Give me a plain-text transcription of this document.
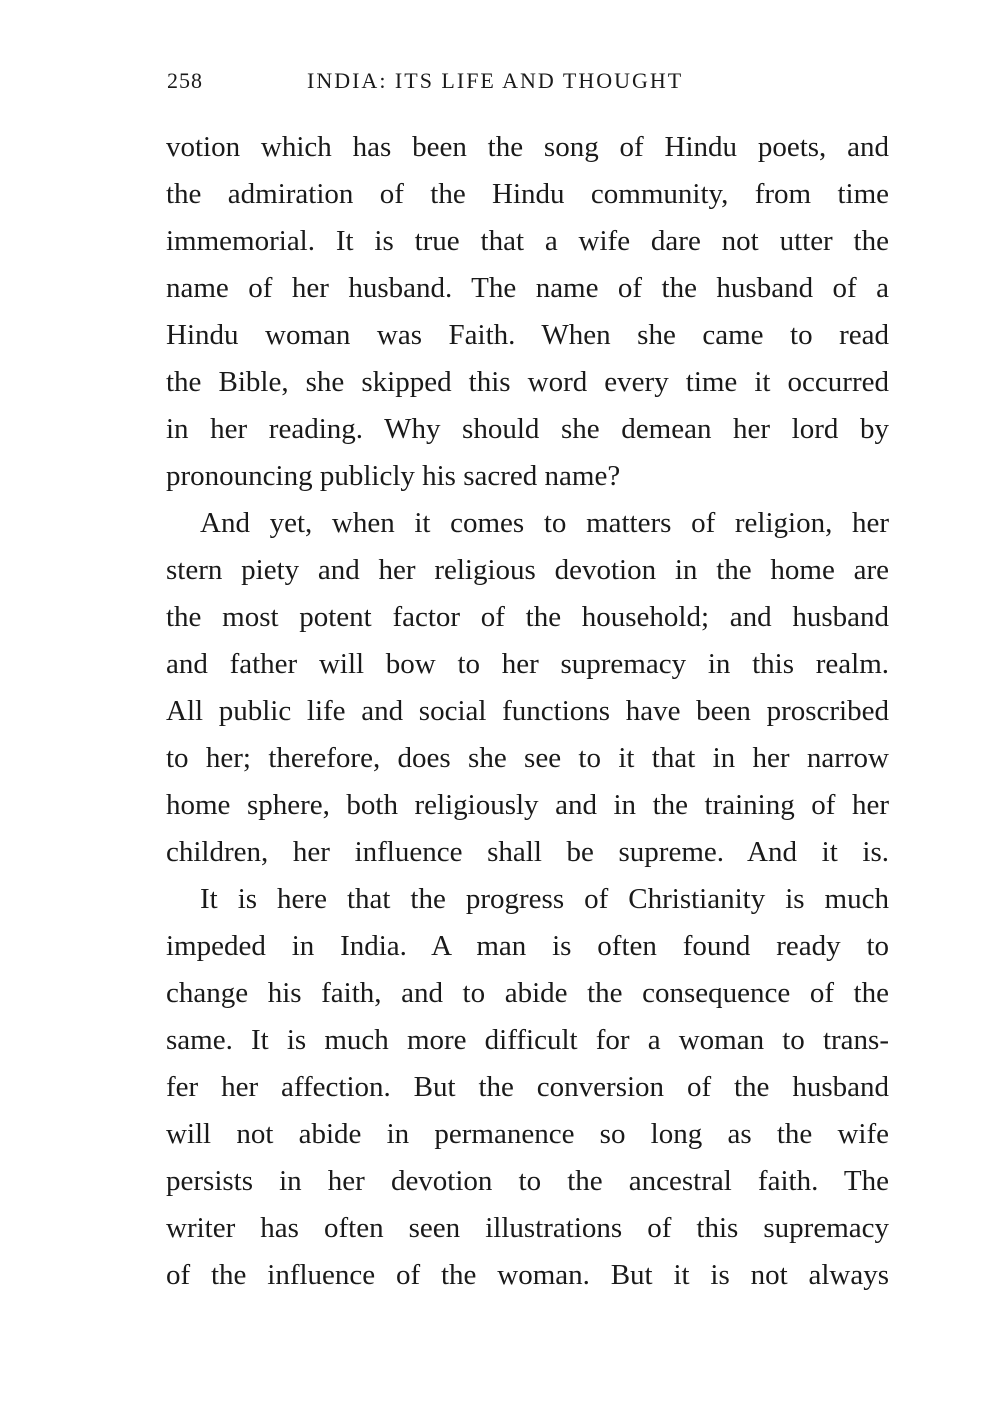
258	INDIA: ITS LIFE AND THOUGHT

votion which has been the song of Hindu poets, and
the admiration of the Hindu community, from time
immemorial. It is true that a wife dare not utter the
name of her husband. The name of the husband of a
Hindu woman was Faith. When she came to read
the Bible, she skipped this word every time it occurred
in her reading. Why should she demean her lord by
pronouncing publicly his sacred name?

And yet, when it comes to matters of religion, her
stern piety and her religious devotion in the home are
the most potent factor of the household; and husband
and father will bow to her supremacy in this realm.
All public life and social functions have been proscribed
to her; therefore, does she see to it that in her narrow
home sphere, both religiously and in the training of her
children, her influence shall be supreme. And it is.

It is here that the progress of Christianity is much
impeded in India. A man is often found ready to
change his faith, and to abide the consequence of the
same. It is much more difficult for a woman to trans-
fer her affection. But the conversion of the husband
will not abide in permanence so long as the wife
persists in her devotion to the ancestral faith. The
writer has often seen illustrations of this supremacy
of the influence of the woman. But it is not always
